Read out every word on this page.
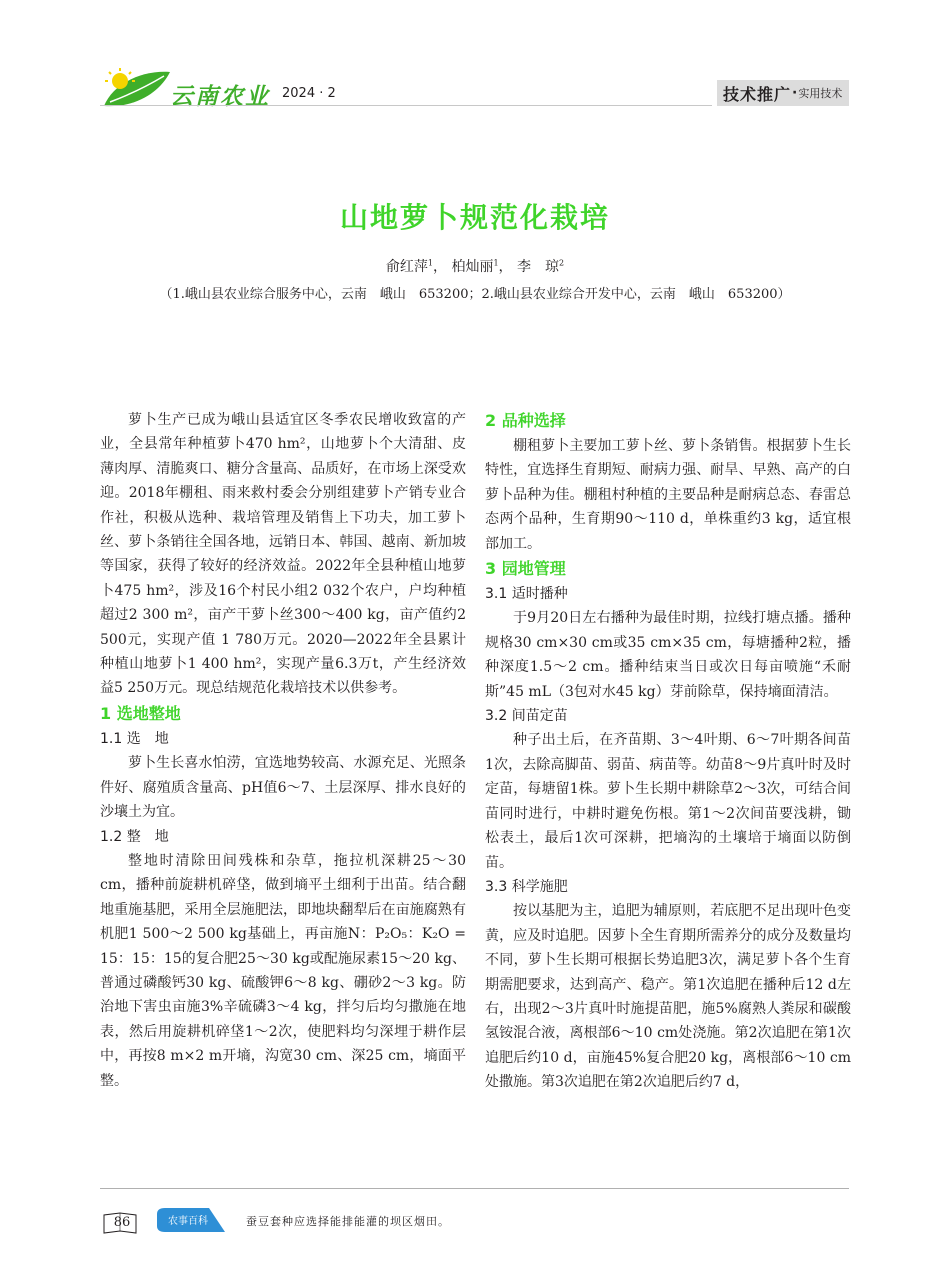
云南农业 2024 · 2	技术推广 · 实用技术
山地萝卜规范化栽培
俞红萍$^1$， 柏灿丽$^1$， 李　琼$^2$
（1.峨山县农业综合服务中心，云南　峨山　653200；2.峨山县农业综合开发中心，云南　峨山　653200）

萝卜生产已成为峨山县适宜区冬季农民增收致富的产业，全县常年种植萝卜470 hm²，山地萝卜个大清甜、皮薄肉厚、清脆爽口、糖分含量高、品质好，在市场上深受欢迎。2018年棚租、雨来救村委会分别组建萝卜产销专业合作社，积极从选种、栽培管理及销售上下功夫，加工萝卜丝、萝卜条销往全国各地，远销日本、韩国、越南、新加坡等国家，获得了较好的经济效益。2022年全县种植山地萝卜475 hm²，涉及16个村民小组2 032个农户，户均种植超过2 300 m²，亩产干萝卜丝300～400 kg，亩产值约2 500元，实现产值 1 780万元。2020—2022年全县累计种植山地萝卜1 400 hm²，实现产量6.3万t，产生经济效益5 250万元。现总结规范化栽培技术以供参考。

1 选地整地
1.1 选　地

萝卜生长喜水怕涝，宜选地势较高、水源充足、光照条件好、腐殖质含量高、pH值6～7、土层深厚、排水良好的沙壤土为宜。

1.2 整　地

整地时清除田间残株和杂草，拖拉机深耕25～30 cm，播种前旋耕机碎垡，做到墒平土细利于出苗。结合翻地重施基肥，采用全层施肥法，即地块翻犁后在亩施腐熟有机肥1 500～2 500 kg基础上，再亩施N：P₂O₅：K₂O = 15：15：15的复合肥25～30 kg或配施尿素15～20 kg、普通过磷酸钙30 kg、硫酸钾6～8 kg、硼砂2～3 kg。防治地下害虫亩施3%辛硫磷3～4 kg，拌匀后均匀撒施在地表，然后用旋耕机碎垡1～2次，使肥料均匀深埋于耕作层中，再按8 m×2 m开墒，沟宽30 cm、深25 cm，墒面平整。

2 品种选择

棚租萝卜主要加工萝卜丝、萝卜条销售。根据萝卜生长特性，宜选择生育期短、耐病力强、耐旱、早熟、高产的白萝卜品种为佳。棚租村种植的主要品种是耐病总态、春雷总态两个品种，生育期90～110 d，单株重约3 kg，适宜根部加工。

3 园地管理
3.1 适时播种

于9月20日左右播种为最佳时期，拉线打塘点播。播种规格30 cm×30 cm或35 cm×35 cm，每塘播种2粒，播种深度1.5～2 cm。播种结束当日或次日每亩喷施“禾耐斯”45 mL（3包对水45 kg）芽前除草，保持墒面清洁。

3.2 间苗定苗

种子出土后，在齐苗期、3～4叶期、6～7叶期各间苗1次，去除高脚苗、弱苗、病苗等。幼苗8～9片真叶时及时定苗，每塘留1株。萝卜生长期中耕除草2～3次，可结合间苗同时进行，中耕时避免伤根。第1～2次间苗要浅耕，锄松表土，最后1次可深耕，把墒沟的土壤培于墒面以防倒苗。

3.3 科学施肥

按以基肥为主，追肥为辅原则，若底肥不足出现叶色变黄，应及时追肥。因萝卜全生育期所需养分的成分及数量均不同，萝卜生长期可根据长势追肥3次，满足萝卜各个生育期需肥要求，达到高产、稳产。第1次追肥在播种后12 d左右，出现2～3片真叶时施提苗肥，施5%腐熟人粪尿和碳酸氢铵混合液，离根部6～10 cm处浇施。第2次追肥在第1次追肥后约10 d，亩施45%复合肥20 kg，离根部6～10 cm处撒施。第3次追肥在第2次追肥后约7 d，

86	农事百科	蚕豆套种应选择能排能灌的坝区烟田。
